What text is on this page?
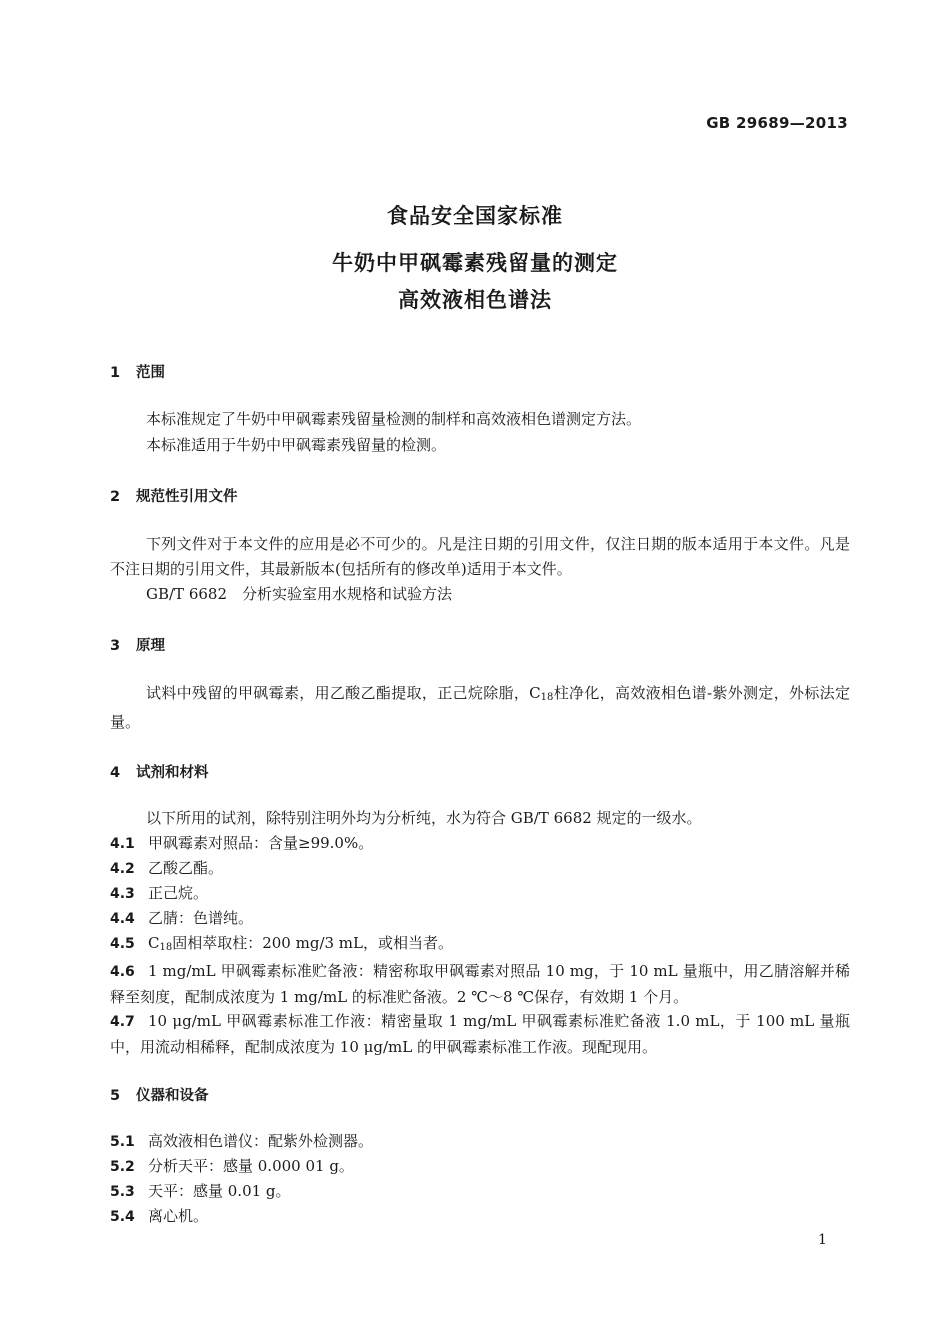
GB 29689—2013
食品安全国家标准
牛奶中甲砜霉素残留量的测定
高效液相色谱法
1 范围
本标准规定了牛奶中甲砜霉素残留量检测的制样和高效液相色谱测定方法。
本标准适用于牛奶中甲砜霉素残留量的检测。
2 规范性引用文件
下列文件对于本文件的应用是必不可少的。凡是注日期的引用文件，仅注日期的版本适用于本文件。凡是不注日期的引用文件，其最新版本(包括所有的修改单)适用于本文件。
GB/T 6682　分析实验室用水规格和试验方法
3 原理
试料中残留的甲砜霉素，用乙酸乙酯提取，正己烷除脂，$C_{18}$柱净化，高效液相色谱-紫外测定，外标法定量。
4 试剂和材料
以下所用的试剂，除特别注明外均为分析纯，水为符合 GB/T 6682 规定的一级水。
4.1 甲砜霉素对照品：含量≥99.0%。
4.2 乙酸乙酯。
4.3 正己烷。
4.4 乙腈：色谱纯。
4.5 $C_{18}$固相萃取柱：200 mg/3 mL，或相当者。
4.6 1 mg/mL 甲砜霉素标准贮备液：精密称取甲砜霉素对照品 10 mg，于 10 mL 量瓶中，用乙腈溶解并稀释至刻度，配制成浓度为 1 mg/mL 的标准贮备液。2 ℃～8 ℃保存，有效期 1 个月。
4.7 10 μg/mL 甲砜霉素标准工作液：精密量取 1 mg/mL 甲砜霉素标准贮备液 1.0 mL，于 100 mL 量瓶中，用流动相稀释，配制成浓度为 10 μg/mL 的甲砜霉素标准工作液。现配现用。
5 仪器和设备
5.1 高效液相色谱仪：配紫外检测器。
5.2 分析天平：感量 0.000 01 g。
5.3 天平：感量 0.01 g。
5.4 离心机。
1
